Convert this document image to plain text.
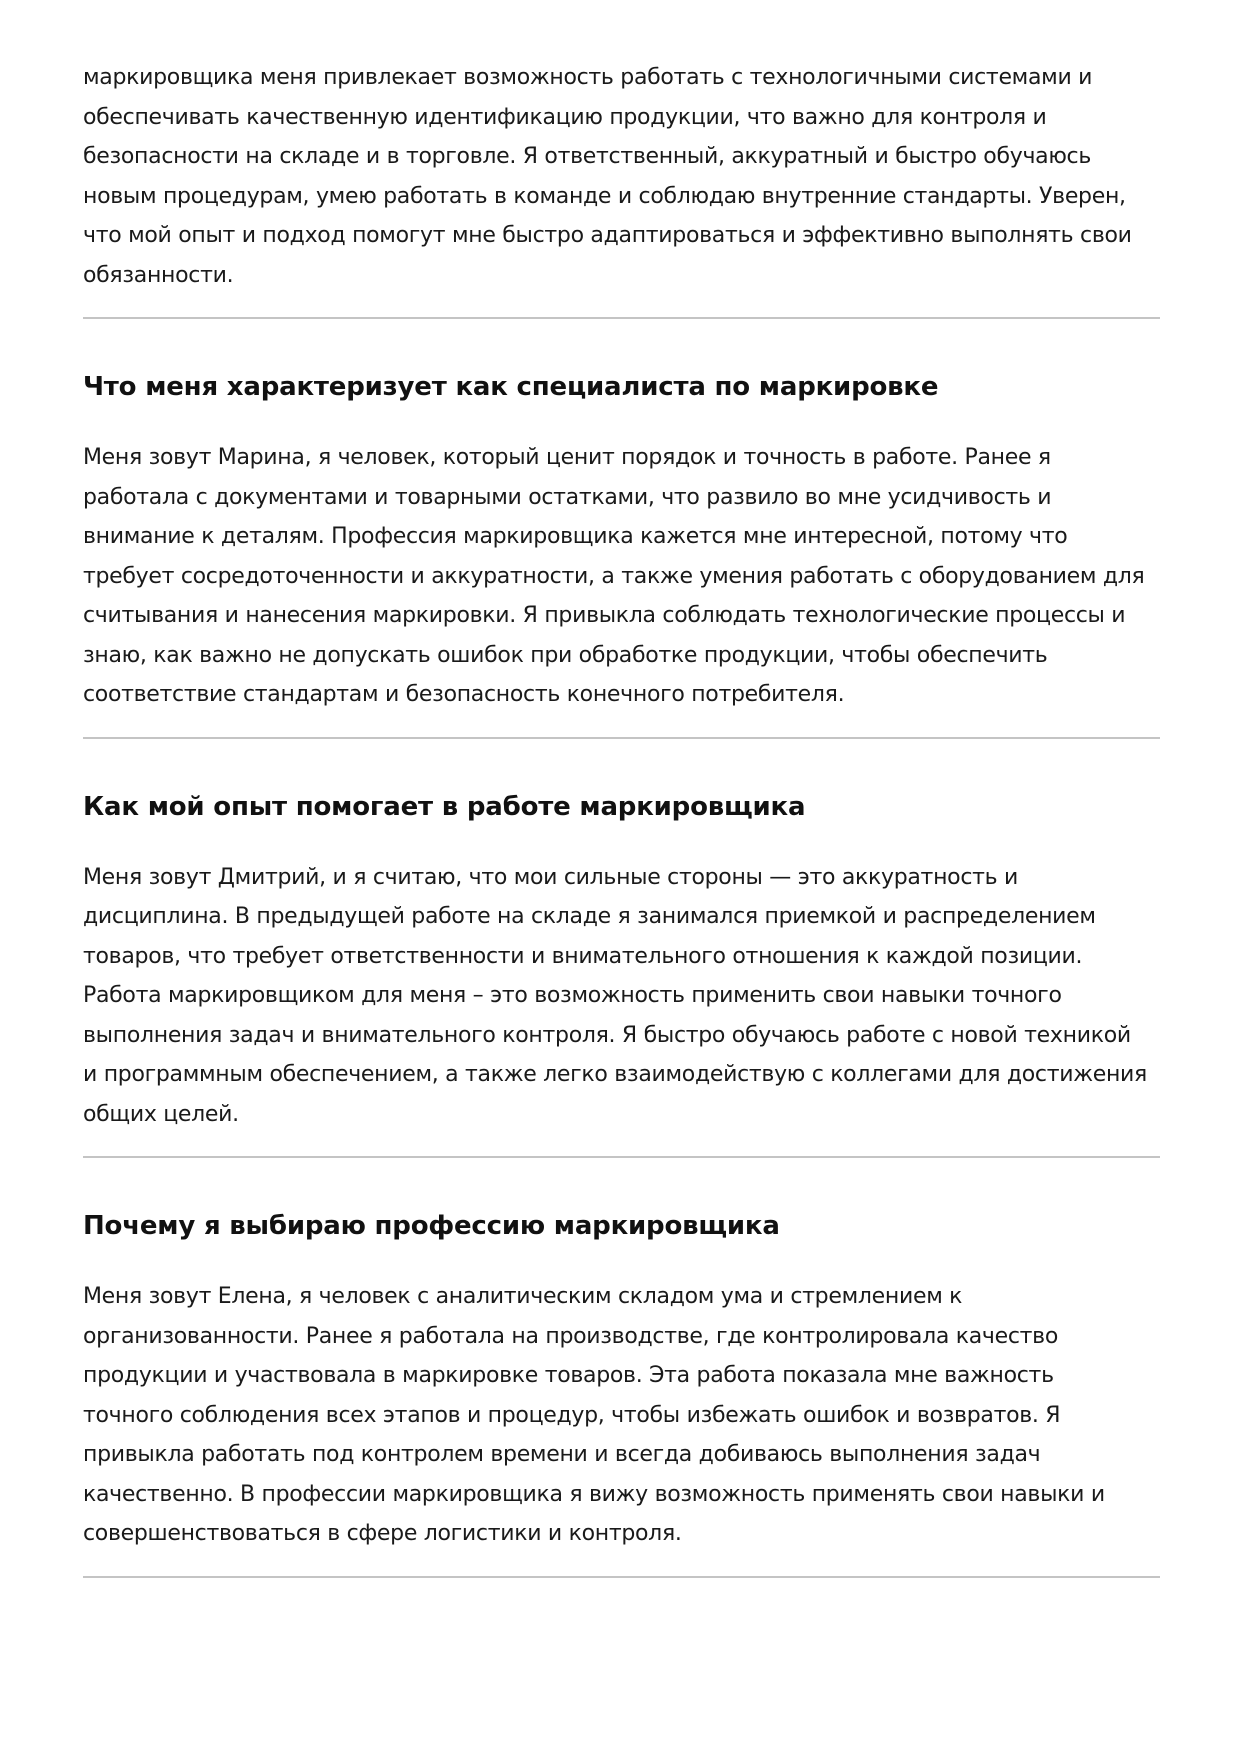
маркировщика меня привлекает возможность работать с технологичными системами и
обеспечивать качественную идентификацию продукции, что важно для контроля и
безопасности на складе и в торговле. Я ответственный, аккуратный и быстро обучаюсь
новым процедурам, умею работать в команде и соблюдаю внутренние стандарты. Уверен,
что мой опыт и подход помогут мне быстро адаптироваться и эффективно выполнять свои
обязанности.

Что меня характеризует как специалиста по маркировке

Меня зовут Марина, я человек, который ценит порядок и точность в работе. Ранее я
работала с документами и товарными остатками, что развило во мне усидчивость и
внимание к деталям. Профессия маркировщика кажется мне интересной, потому что
требует сосредоточенности и аккуратности, а также умения работать с оборудованием для
считывания и нанесения маркировки. Я привыкла соблюдать технологические процессы и
знаю, как важно не допускать ошибок при обработке продукции, чтобы обеспечить
соответствие стандартам и безопасность конечного потребителя.

Как мой опыт помогает в работе маркировщика

Меня зовут Дмитрий, и я считаю, что мои сильные стороны — это аккуратность и
дисциплина. В предыдущей работе на складе я занимался приемкой и распределением
товаров, что требует ответственности и внимательного отношения к каждой позиции.
Работа маркировщиком для меня – это возможность применить свои навыки точного
выполнения задач и внимательного контроля. Я быстро обучаюсь работе с новой техникой
и программным обеспечением, а также легко взаимодействую с коллегами для достижения
общих целей.

Почему я выбираю профессию маркировщика

Меня зовут Елена, я человек с аналитическим складом ума и стремлением к
организованности. Ранее я работала на производстве, где контролировала качество
продукции и участвовала в маркировке товаров. Эта работа показала мне важность
точного соблюдения всех этапов и процедур, чтобы избежать ошибок и возвратов. Я
привыкла работать под контролем времени и всегда добиваюсь выполнения задач
качественно. В профессии маркировщика я вижу возможность применять свои навыки и
совершенствоваться в сфере логистики и контроля.
